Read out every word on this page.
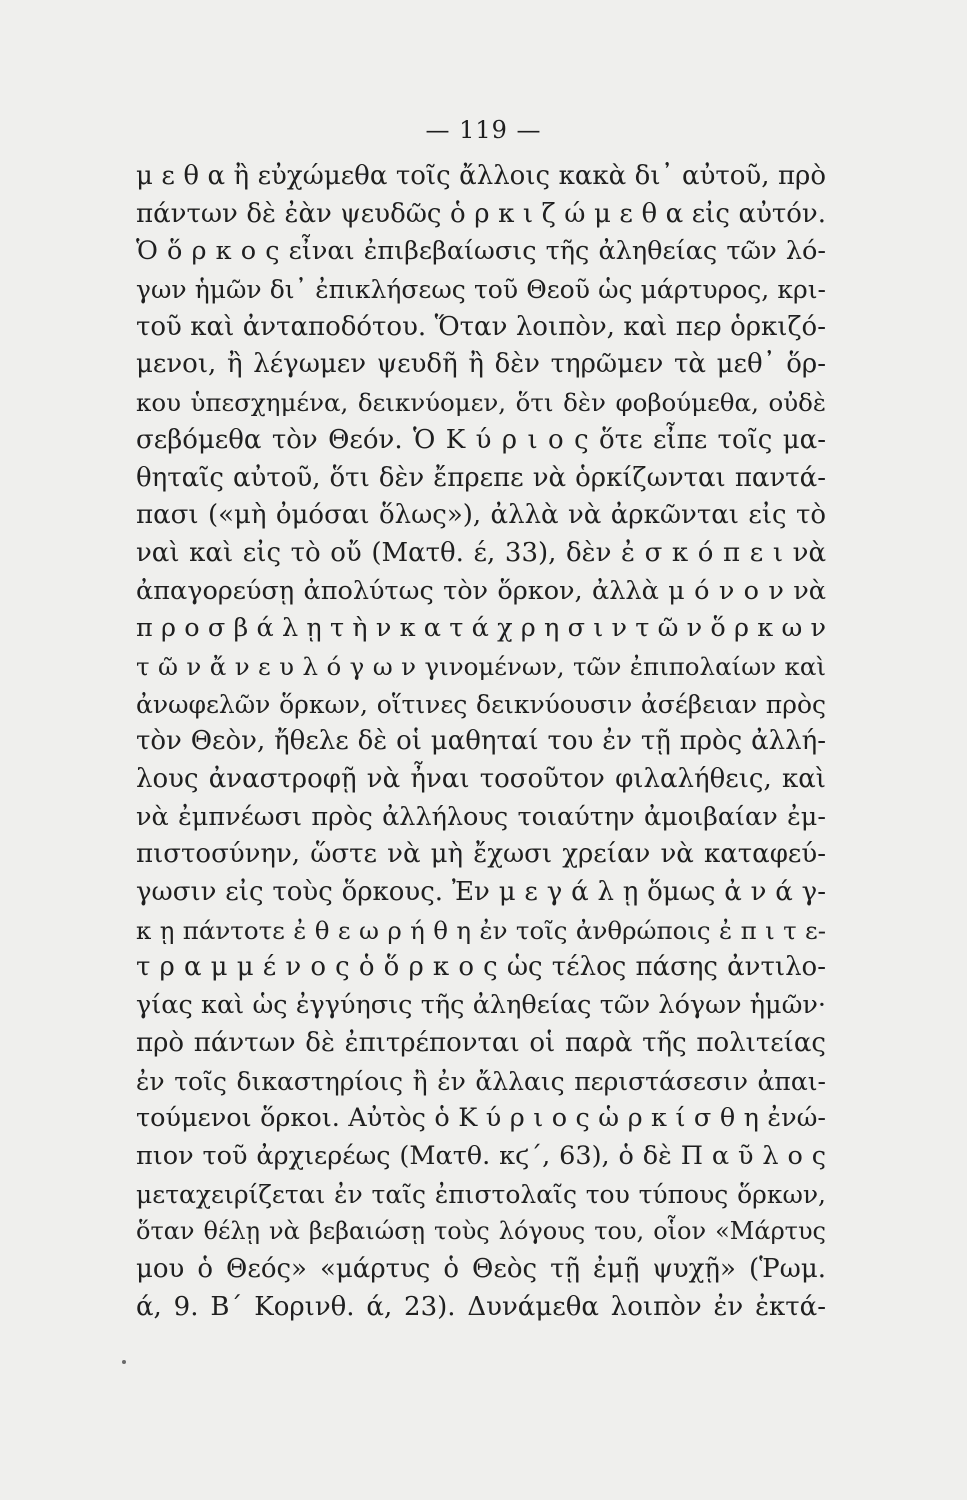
— 119 —
μ ε θ α ἢ εὐχώμεθα τοῖς ἄλλοις κακὰ δι᾽ αὐτοῦ, πρὸ
πάντων δὲ ἐὰν ψευδῶς ὁ ρ κ ι ζ ώ μ ε θ α εἰς αὐτόν.
Ὁ ὅ ρ κ ο ς εἶναι ἐπιβεβαίωσις τῆς ἀληθείας τῶν λό-
γων ἡμῶν δι᾽ ἐπικλήσεως τοῦ Θεοῦ ὡς μάρτυρος, κρι-
τοῦ καὶ ἀνταποδότου. Ὅταν λοιπὸν, καὶ περ ὁρκιζό-
μενοι, ἢ λέγωμεν ψευδῆ ἢ δὲν τηρῶμεν τὰ μεθ᾽ ὅρ-
κου ὑπεσχημένα, δεικνύομεν, ὅτι δὲν φοβούμεθα, οὐδὲ
σεβόμεθα τὸν Θεόν. Ὁ Κ ύ ρ ι ο ς ὅτε εἶπε τοῖς μα-
θηταῖς αὐτοῦ, ὅτι δὲν ἔπρεπε νὰ ὁρκίζωνται παντά-
πασι («μὴ ὀμόσαι ὅλως»), ἀλλὰ νὰ ἀρκῶνται εἰς τὸ
ναὶ καὶ εἰς τὸ οὔ (Ματθ. έ, 33), δὲν ἐ σ κ ό π ε ι νὰ
ἀπαγορεύσῃ ἀπολύτως τὸν ὅρκον, ἀλλὰ μ ό ν ο ν νὰ
π ρ ο σ β ά λ ῃ τ ὴ ν κ α τ ά χ ρ η σ ι ν τ ῶ ν ὅ ρ κ ω ν
τ ῶ ν ἄ ν ε υ λ ό γ ω ν γινομένων, τῶν ἐπιπολαίων καὶ
ἀνωφελῶν ὅρκων, οἵτινες δεικνύουσιν ἀσέβειαν πρὸς
τὸν Θεὸν, ἤθελε δὲ οἱ μαθηταί του ἐν τῇ πρὸς ἀλλή-
λους ἀναστροφῇ νὰ ἦναι τοσοῦτον φιλαλήθεις, καὶ
νὰ ἐμπνέωσι πρὸς ἀλλήλους τοιαύτην ἀμοιβαίαν ἐμ-
πιστοσύνην, ὥστε νὰ μὴ ἔχωσι χρείαν νὰ καταφεύ-
γωσιν εἰς τοὺς ὅρκους. Ἐν μ ε γ ά λ ῃ ὅμως ἀ ν ά γ-
κ ῃ πάντοτε ἐ θ ε ω ρ ή θ η ἐν τοῖς ἀνθρώποις ἐ π ι τ ε-
τ ρ α μ μ έ ν ο ς ὁ ὅ ρ κ ο ς ὡς τέλος πάσης ἀντιλο-
γίας καὶ ὡς ἐγγύησις τῆς ἀληθείας τῶν λόγων ἡμῶν·
πρὸ πάντων δὲ ἐπιτρέπονται οἱ παρὰ τῆς πολιτείας
ἐν τοῖς δικαστηρίοις ἢ ἐν ἄλλαις περιστάσεσιν ἀπαι-
τούμενοι ὅρκοι. Αὐτὸς ὁ Κ ύ ρ ι ο ς ὡ ρ κ ί σ θ η ἐνώ-
πιον τοῦ ἀρχιερέως (Ματθ. κϛ΄, 63), ὁ δὲ Π α ῦ λ ο ς
μεταχειρίζεται ἐν ταῖς ἐπιστολαῖς του τύπους ὅρκων,
ὅταν θέλῃ νὰ βεβαιώσῃ τοὺς λόγους του, οἷον «Μάρτυς
μου ὁ Θεός» «μάρτυς ὁ Θεὸς τῇ ἐμῇ ψυχῇ» (Ῥωμ.
ά, 9. Β΄ Κορινθ. ά, 23). Δυνάμεθα λοιπὸν ἐν ἐκτά-
